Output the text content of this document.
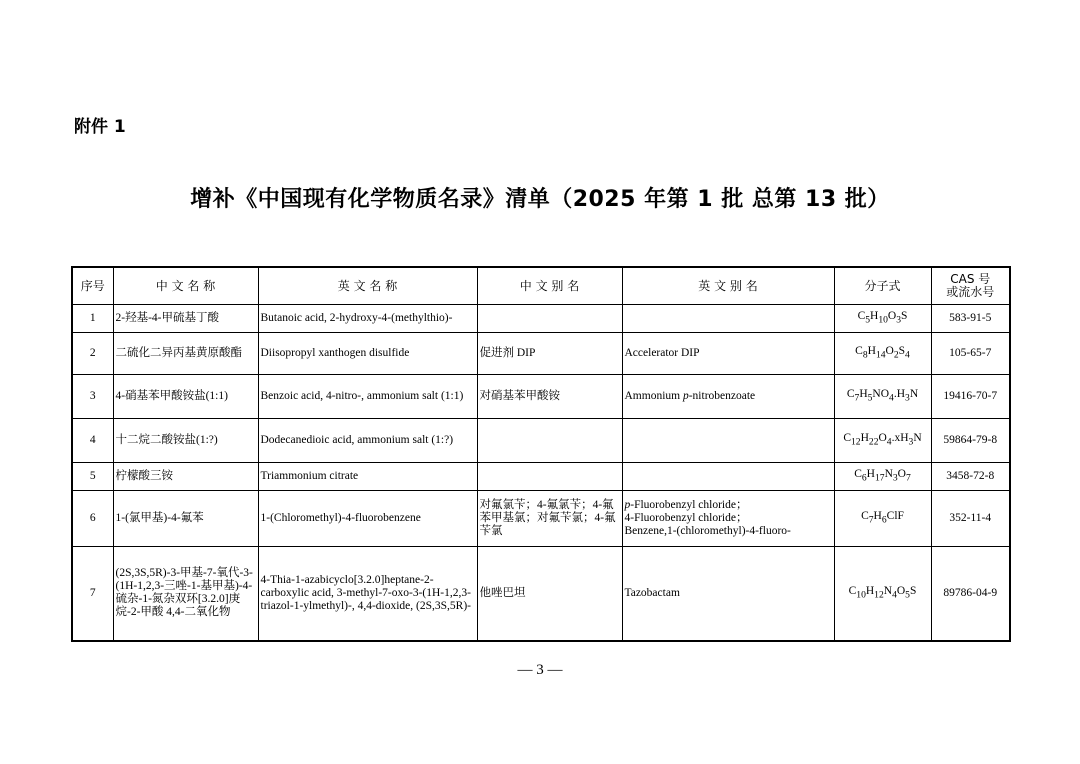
附件 1
增补《中国现有化学物质名录》清单（2025 年第 1 批 总第 13 批）
序号	中 文 名 称	英 文 名 称	中 文 别 名	英 文 别 名	分子式	CAS 号
或流水号

1	2-羟基-4-甲硫基丁酸	Butanoic acid, 2-hydroxy-4-(methylthio)-			$C_5H_{10}O_3S$	583-91-5
2	二硫化二异丙基黄原酸酯	Diisopropyl xanthogen disulfide	促进剂 DIP	Accelerator DIP	$C_8H_{14}O_2S_4$	105-65-7
3	4-硝基苯甲酸铵盐(1:1)	Benzoic acid, 4-nitro-, ammonium salt (1:1)	对硝基苯甲酸铵	Ammonium p-nitrobenzoate	$C_7H_5NO_4.H_3N$	19416-70-7
4	十二烷二酸铵盐(1:?)	Dodecanedioic acid, ammonium salt (1:?)			$C_{12}H_{22}O_4.xH_3N$	59864-79-8
5	柠檬酸三铵	Triammonium citrate			$C_6H_{17}N_3O_7$	3458-72-8
6	1-(氯甲基)-4-氟苯	1-(Chloromethyl)-4-fluorobenzene	对氟氯苄；4-氟氯苄；4-氟苯甲基氯；对氟苄氯；4-氟苄氯	p-Fluorobenzyl chloride；
4-Fluorobenzyl chloride；
Benzene,1-(chloromethyl)-4-fluoro-	$C_7H_6ClF$	352-11-4
7	(2S,3S,5R)-3-甲基-7-氧代-3-(1H-1,2,3-三唑-1-基甲基)-4-硫杂-1-氮杂双环[3.2.0]庚烷-2-甲酸 4,4-二氧化物	4-Thia-1-azabicyclo[3.2.0]heptane-2-carboxylic acid, 3-methyl-7-oxo-3-(1H-1,2,3-triazol-1-ylmethyl)-, 4,4-dioxide, (2S,3S,5R)-	他唑巴坦	Tazobactam	$C_{10}H_{12}N_4O_5S$	89786-04-9
— 3 —
